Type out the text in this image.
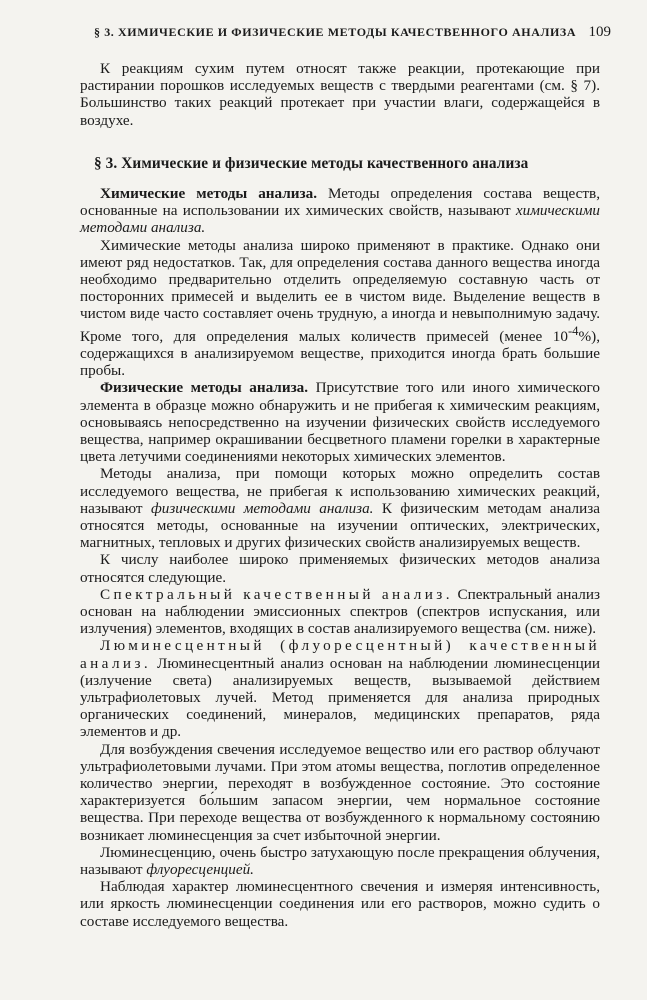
§ 3. ХИМИЧЕСКИЕ И ФИЗИЧЕСКИЕ МЕТОДЫ КАЧЕСТВЕННОГО АНАЛИЗА 109

К реакциям сухим путем относят также реакции, протекающие при растирании порошков исследуемых веществ с твердыми реагентами (см. § 7). Большинство таких реакций протекает при участии влаги, содержащейся в воздухе.

§ 3. Химические и физические методы качественного анализа

Химические методы анализа. Методы определения состава веществ, основанные на использовании их химических свойств, называют химическими методами анализа.

Химические методы анализа широко применяют в практике. Однако они имеют ряд недостатков. Так, для определения состава данного вещества иногда необходимо предварительно отделить определяемую составную часть от посторонних примесей и выделить ее в чистом виде. Выделение веществ в чистом виде часто составляет очень трудную, а иногда и невыполнимую задачу. Кроме того, для определения малых количеств примесей (менее $10^{-4}\%$), содержащихся в анализируемом веществе, приходится иногда брать большие пробы.

Физические методы анализа. Присутствие того или иного химического элемента в образце можно обнаружить и не прибегая к химическим реакциям, основываясь непосредственно на изучении физических свойств исследуемого вещества, например окрашивании бесцветного пламени горелки в характерные цвета летучими соединениями некоторых химических элементов.

Методы анализа, при помощи которых можно определить состав исследуемого вещества, не прибегая к использованию химических реакций, называют физическими методами анализа. К физическим методам анализа относятся методы, основанные на изучении оптических, электрических, магнитных, тепловых и других физических свойств анализируемых веществ.

К числу наиболее широко применяемых физических методов анализа относятся следующие.

Спектральный качественный анализ. Спектральный анализ основан на наблюдении эмиссионных спектров (спектров испускания, или излучения) элементов, входящих в состав анализируемого вещества (см. ниже).

Люминесцентный (флуоресцентный) качественный анализ. Люминесцентный анализ основан на наблюдении люминесценции (излучение света) анализируемых веществ, вызываемой действием ультрафиолетовых лучей. Метод применяется для анализа природных органических соединений, минералов, медицинских препаратов, ряда элементов и др.

Для возбуждения свечения исследуемое вещество или его раствор облучают ультрафиолетовыми лучами. При этом атомы вещества, поглотив определенное количество энергии, переходят в возбужденное состояние. Это состояние характеризуется бо́льшим запасом энергии, чем нормальное состояние вещества. При переходе вещества от возбужденного к нормальному состоянию возникает люминесценция за счет избыточной энергии.

Люминесценцию, очень быстро затухающую после прекращения облучения, называют флуоресценцией.

Наблюдая характер люминесцентного свечения и измеряя интенсивность, или яркость люминесценции соединения или его растворов, можно судить о составе исследуемого вещества.
